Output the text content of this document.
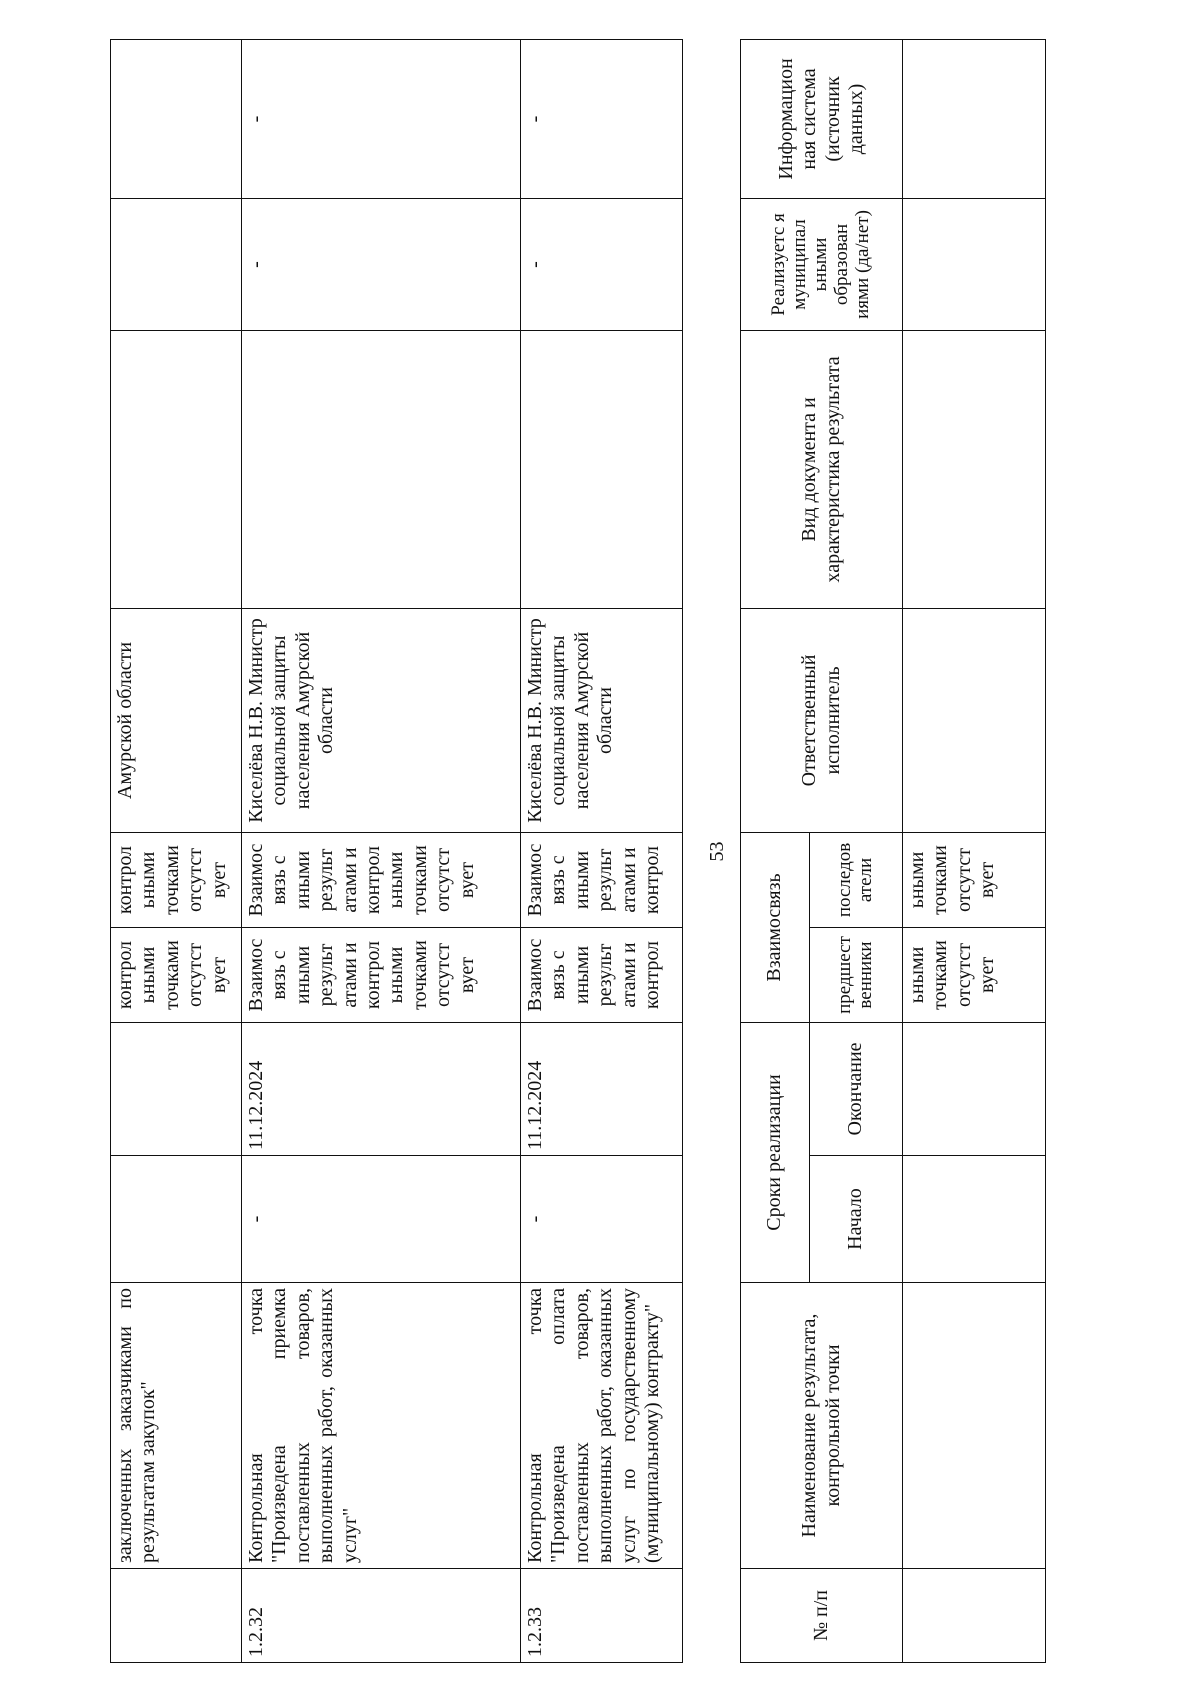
	заключенных заказчиками по результатам закупок"			контрол ьными точками отсутст вует	контрол ьными точками отсутст вует	Амурской области			
1.2.32	Контрольная точка "Произведена приемка поставленных товаров, выполненных работ, оказанных услуг"	-	11.12.2024	Взаимос вязь с иными результ атами и контрол ьными точками отсутст вует	Взаимос вязь с иными результ атами и контрол ьными точками отсутст вует	Киселёва Н.В. Министр социальной защиты населения Амурской области		-	-
1.2.33	Контрольная точка "Произведена оплата поставленных товаров, выполненных работ, оказанных услуг по государственному (муниципальному) контракту"	-	11.12.2024	Взаимос вязь с иными результ атами и контрол	Взаимос вязь с иными результ атами и контрол	Киселёва Н.В. Министр социальной защиты населения Амурской области		-	-
53
№ п/п	Наименование результата, контрольной точки	Сроки реализации		Взаимосвязь		Ответственный исполнитель	Вид документа и характеристика результата	Реализуетс я муниципал ьными образован иями (да/нет)	Информацион ная система (источник данных)
		Начало	Окончание	предшест венники	последов атели				
				ьными точками отсутст вует	ьными точками отсутст вует				
